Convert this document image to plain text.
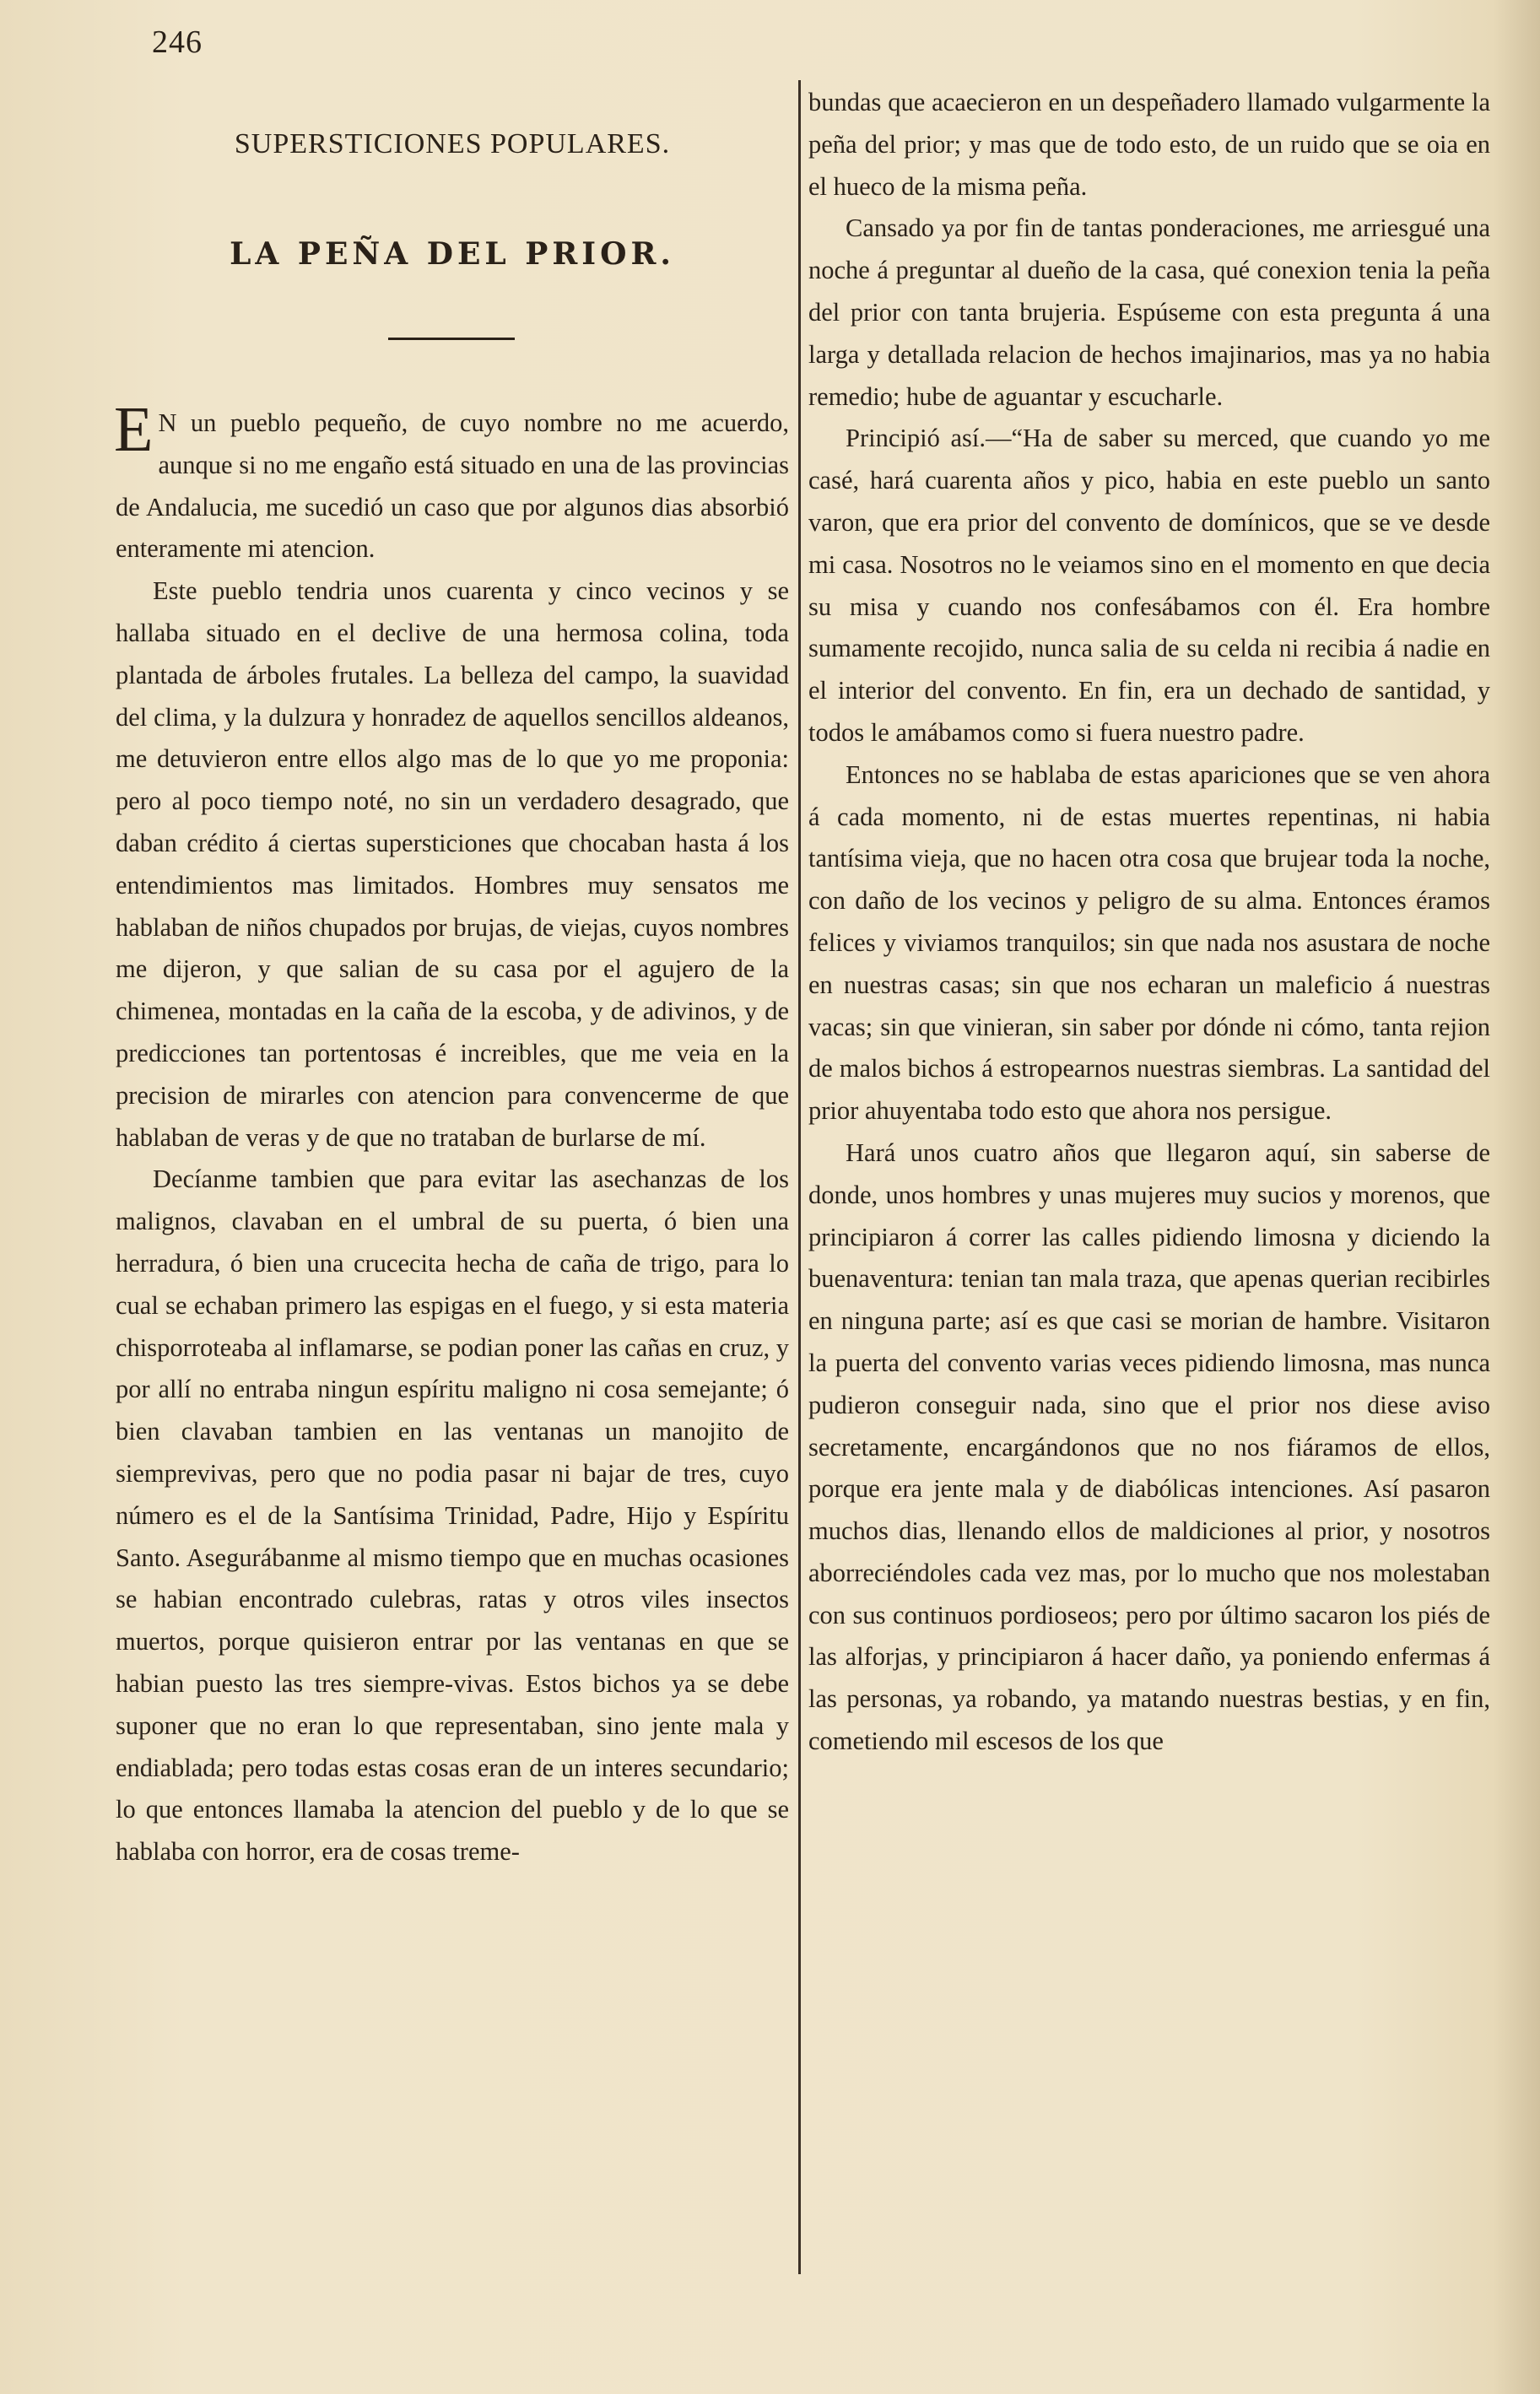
246
SUPERSTICIONES POPULARES.
LA PEÑA DEL PRIOR.

E N un pueblo pequeño, de cuyo nombre no me acuerdo, aunque si no me engaño está situado en una de las provincias de Andalucia, me sucedió un caso que por algunos dias absorbió enteramente mi atencion.

Este pueblo tendria unos cuarenta y cinco vecinos y se hallaba situado en el declive de una hermosa colina, toda plantada de árboles frutales. La belleza del campo, la suavidad del clima, y la dulzura y honradez de aquellos sencillos aldeanos, me detuvieron entre ellos algo mas de lo que yo me proponia: pero al poco tiempo noté, no sin un verdadero desagrado, que daban crédito á ciertas supersticiones que chocaban hasta á los entendimientos mas limitados. Hombres muy sensatos me hablaban de niños chupados por brujas, de viejas, cuyos nombres me dijeron, y que salian de su casa por el agujero de la chimenea, montadas en la caña de la escoba, y de adivinos, y de predicciones tan portentosas é increibles, que me veia en la precision de mirarles con atencion para convencerme de que hablaban de veras y de que no trataban de burlarse de mí.

Decíanme tambien que para evitar las asechanzas de los malignos, clavaban en el umbral de su puerta, ó bien una herradura, ó bien una crucecita hecha de caña de trigo, para lo cual se echaban primero las espigas en el fuego, y si esta materia chisporroteaba al inflamarse, se podian poner las cañas en cruz, y por allí no entraba ningun espíritu maligno ni cosa semejante; ó bien clavaban tambien en las ventanas un manojito de siemprevivas, pero que no podia pasar ni bajar de tres, cuyo número es el de la Santísima Trinidad, Padre, Hijo y Espíritu Santo. Asegurábanme al mismo tiempo que en muchas ocasiones se habian encontrado culebras, ratas y otros viles insectos muertos, porque quisieron entrar por las ventanas en que se habian puesto las tres siempre-vivas. Estos bichos ya se debe suponer que no eran lo que representaban, sino jente mala y endiablada; pero todas estas cosas eran de un interes secundario; lo que entonces llamaba la atencion del pueblo y de lo que se hablaba con horror, era de cosas treme-

bundas que acaecieron en un despeñadero llamado vulgarmente la peña del prior; y mas que de todo esto, de un ruido que se oia en el hueco de la misma peña.

Cansado ya por fin de tantas ponderaciones, me arriesgué una noche á preguntar al dueño de la casa, qué conexion tenia la peña del prior con tanta brujeria. Espúseme con esta pregunta á una larga y detallada relacion de hechos imajinarios, mas ya no habia remedio; hube de aguantar y escucharle.

Principió así.—“Ha de saber su merced, que cuando yo me casé, hará cuarenta años y pico, habia en este pueblo un santo varon, que era prior del convento de domínicos, que se ve desde mi casa. Nosotros no le veiamos sino en el momento en que decia su misa y cuando nos confesábamos con él. Era hombre sumamente recojido, nunca salia de su celda ni recibia á nadie en el interior del convento. En fin, era un dechado de santidad, y todos le amábamos como si fuera nuestro padre.

Entonces no se hablaba de estas apariciones que se ven ahora á cada momento, ni de estas muertes repentinas, ni habia tantísima vieja, que no hacen otra cosa que brujear toda la noche, con daño de los vecinos y peligro de su alma. Entonces éramos felices y viviamos tranquilos; sin que nada nos asustara de noche en nuestras casas; sin que nos echaran un maleficio á nuestras vacas; sin que vinieran, sin saber por dónde ni cómo, tanta rejion de malos bichos á estropearnos nuestras siembras. La santidad del prior ahuyentaba todo esto que ahora nos persigue.

Hará unos cuatro años que llegaron aquí, sin saberse de donde, unos hombres y unas mujeres muy sucios y morenos, que principiaron á correr las calles pidiendo limosna y diciendo la buenaventura: tenian tan mala traza, que apenas querian recibirles en ninguna parte; así es que casi se morian de hambre. Visitaron la puerta del convento varias veces pidiendo limosna, mas nunca pudieron conseguir nada, sino que el prior nos diese aviso secretamente, encargándonos que no nos fiáramos de ellos, porque era jente mala y de diabólicas intenciones. Así pasaron muchos dias, llenando ellos de maldiciones al prior, y nosotros aborreciéndoles cada vez mas, por lo mucho que nos molestaban con sus continuos pordioseos; pero por último sacaron los piés de las alforjas, y principiaron á hacer daño, ya poniendo enfermas á las personas, ya robando, ya matando nuestras bestias, y en fin, cometiendo mil escesos de los que
